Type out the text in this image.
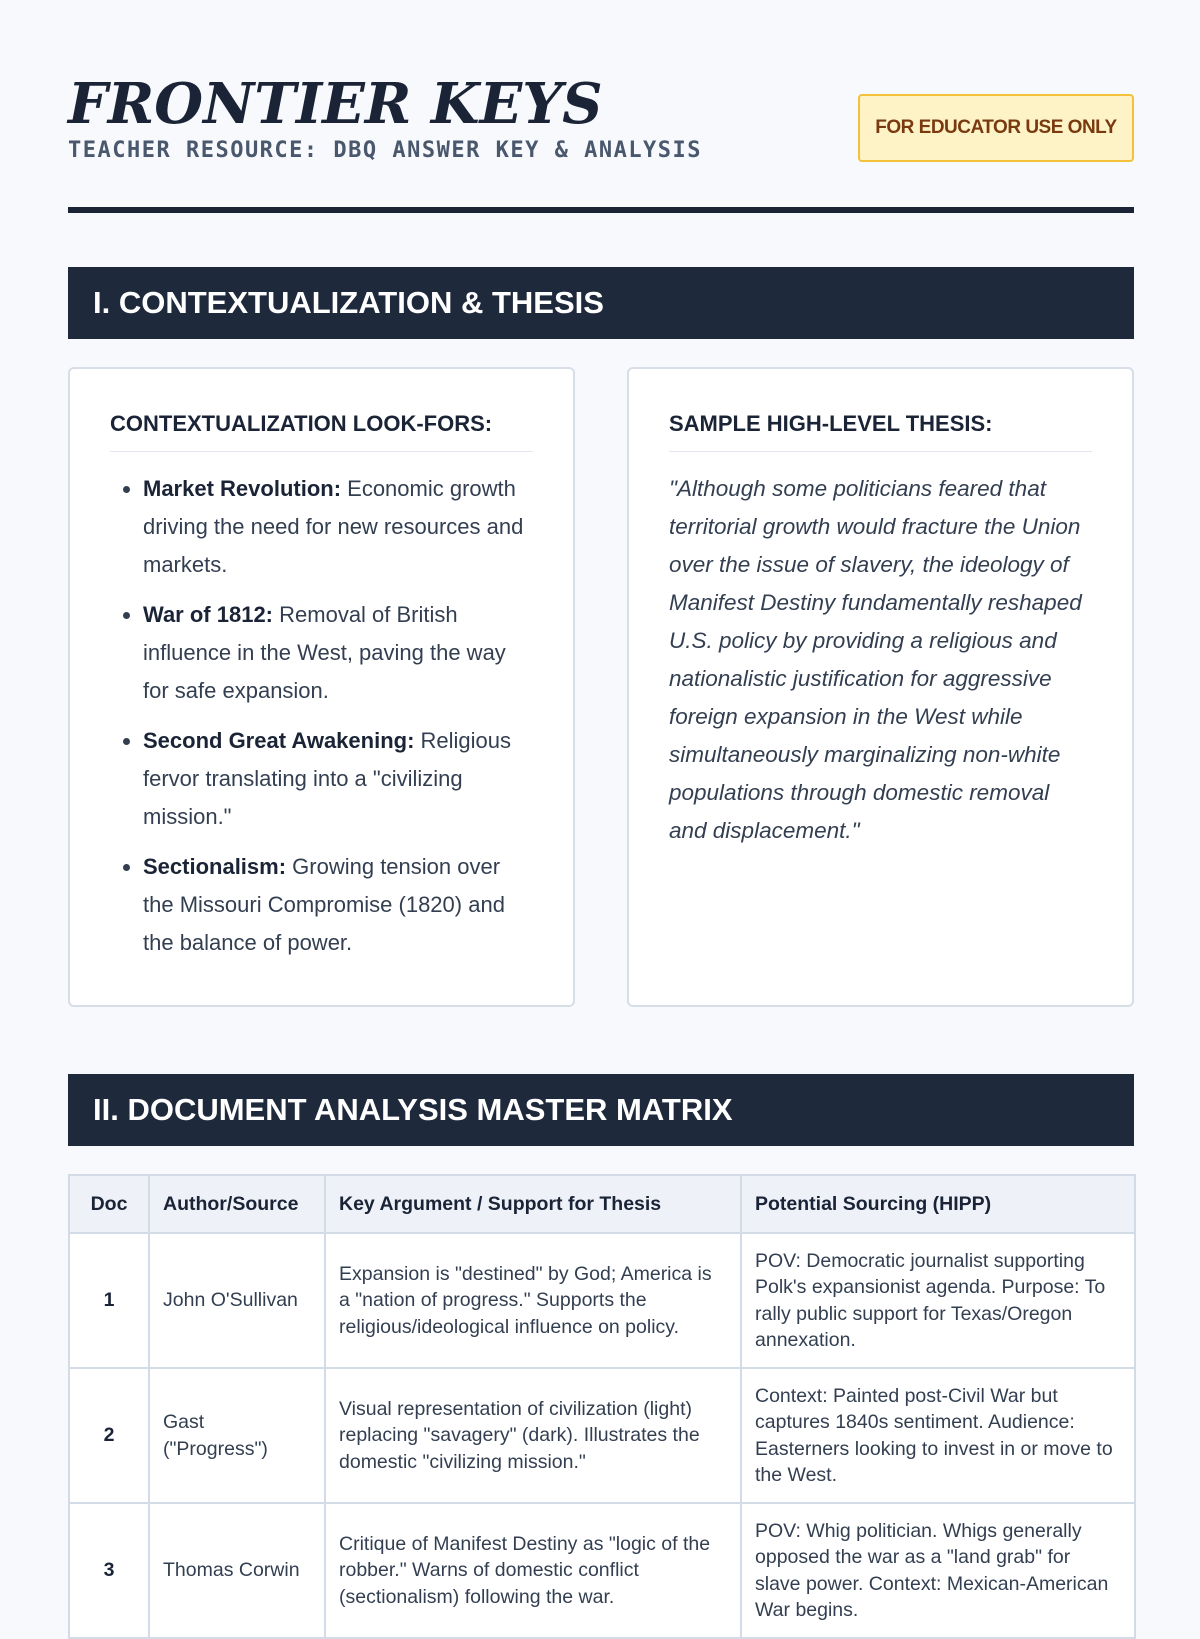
FRONTIER KEYS
TEACHER RESOURCE: DBQ ANSWER KEY & ANALYSIS
FOR EDUCATOR USE ONLY
I. CONTEXTUALIZATION & THESIS
CONTEXTUALIZATION LOOK-FORS:
• Market Revolution: Economic growth driving the need for new resources and markets.
• War of 1812: Removal of British influence in the West, paving the way for safe expansion.
• Second Great Awakening: Religious fervor translating into a "civilizing mission."
• Sectionalism: Growing tension over the Missouri Compromise (1820) and the balance of power.
SAMPLE HIGH-LEVEL THESIS:

"Although some politicians feared that territorial growth would fracture the Union over the issue of slavery, the ideology of Manifest Destiny fundamentally reshaped U.S. policy by providing a religious and nationalistic justification for aggressive foreign expansion in the West while simultaneously marginalizing non-white populations through domestic removal and displacement."

II. DOCUMENT ANALYSIS MASTER MATRIX
Doc	Author/Source	Key Argument / Support for Thesis	Potential Sourcing (HIPP)
1	John O'Sullivan	Expansion is "destined" by God; America is a "nation of progress." Supports the religious/ideological influence on policy.	POV: Democratic journalist supporting Polk's expansionist agenda. Purpose: To rally public support for Texas/Oregon annexation.
2	Gast ("Progress")	Visual representation of civilization (light) replacing "savagery" (dark). Illustrates the domestic "civilizing mission."	Context: Painted post-Civil War but captures 1840s sentiment. Audience: Easterners looking to invest in or move to the West.
3	Thomas Corwin	Critique of Manifest Destiny as "logic of the robber." Warns of domestic conflict (sectionalism) following the war.	POV: Whig politician. Whigs generally opposed the war as a "land grab" for slave power. Context: Mexican-American War begins.
